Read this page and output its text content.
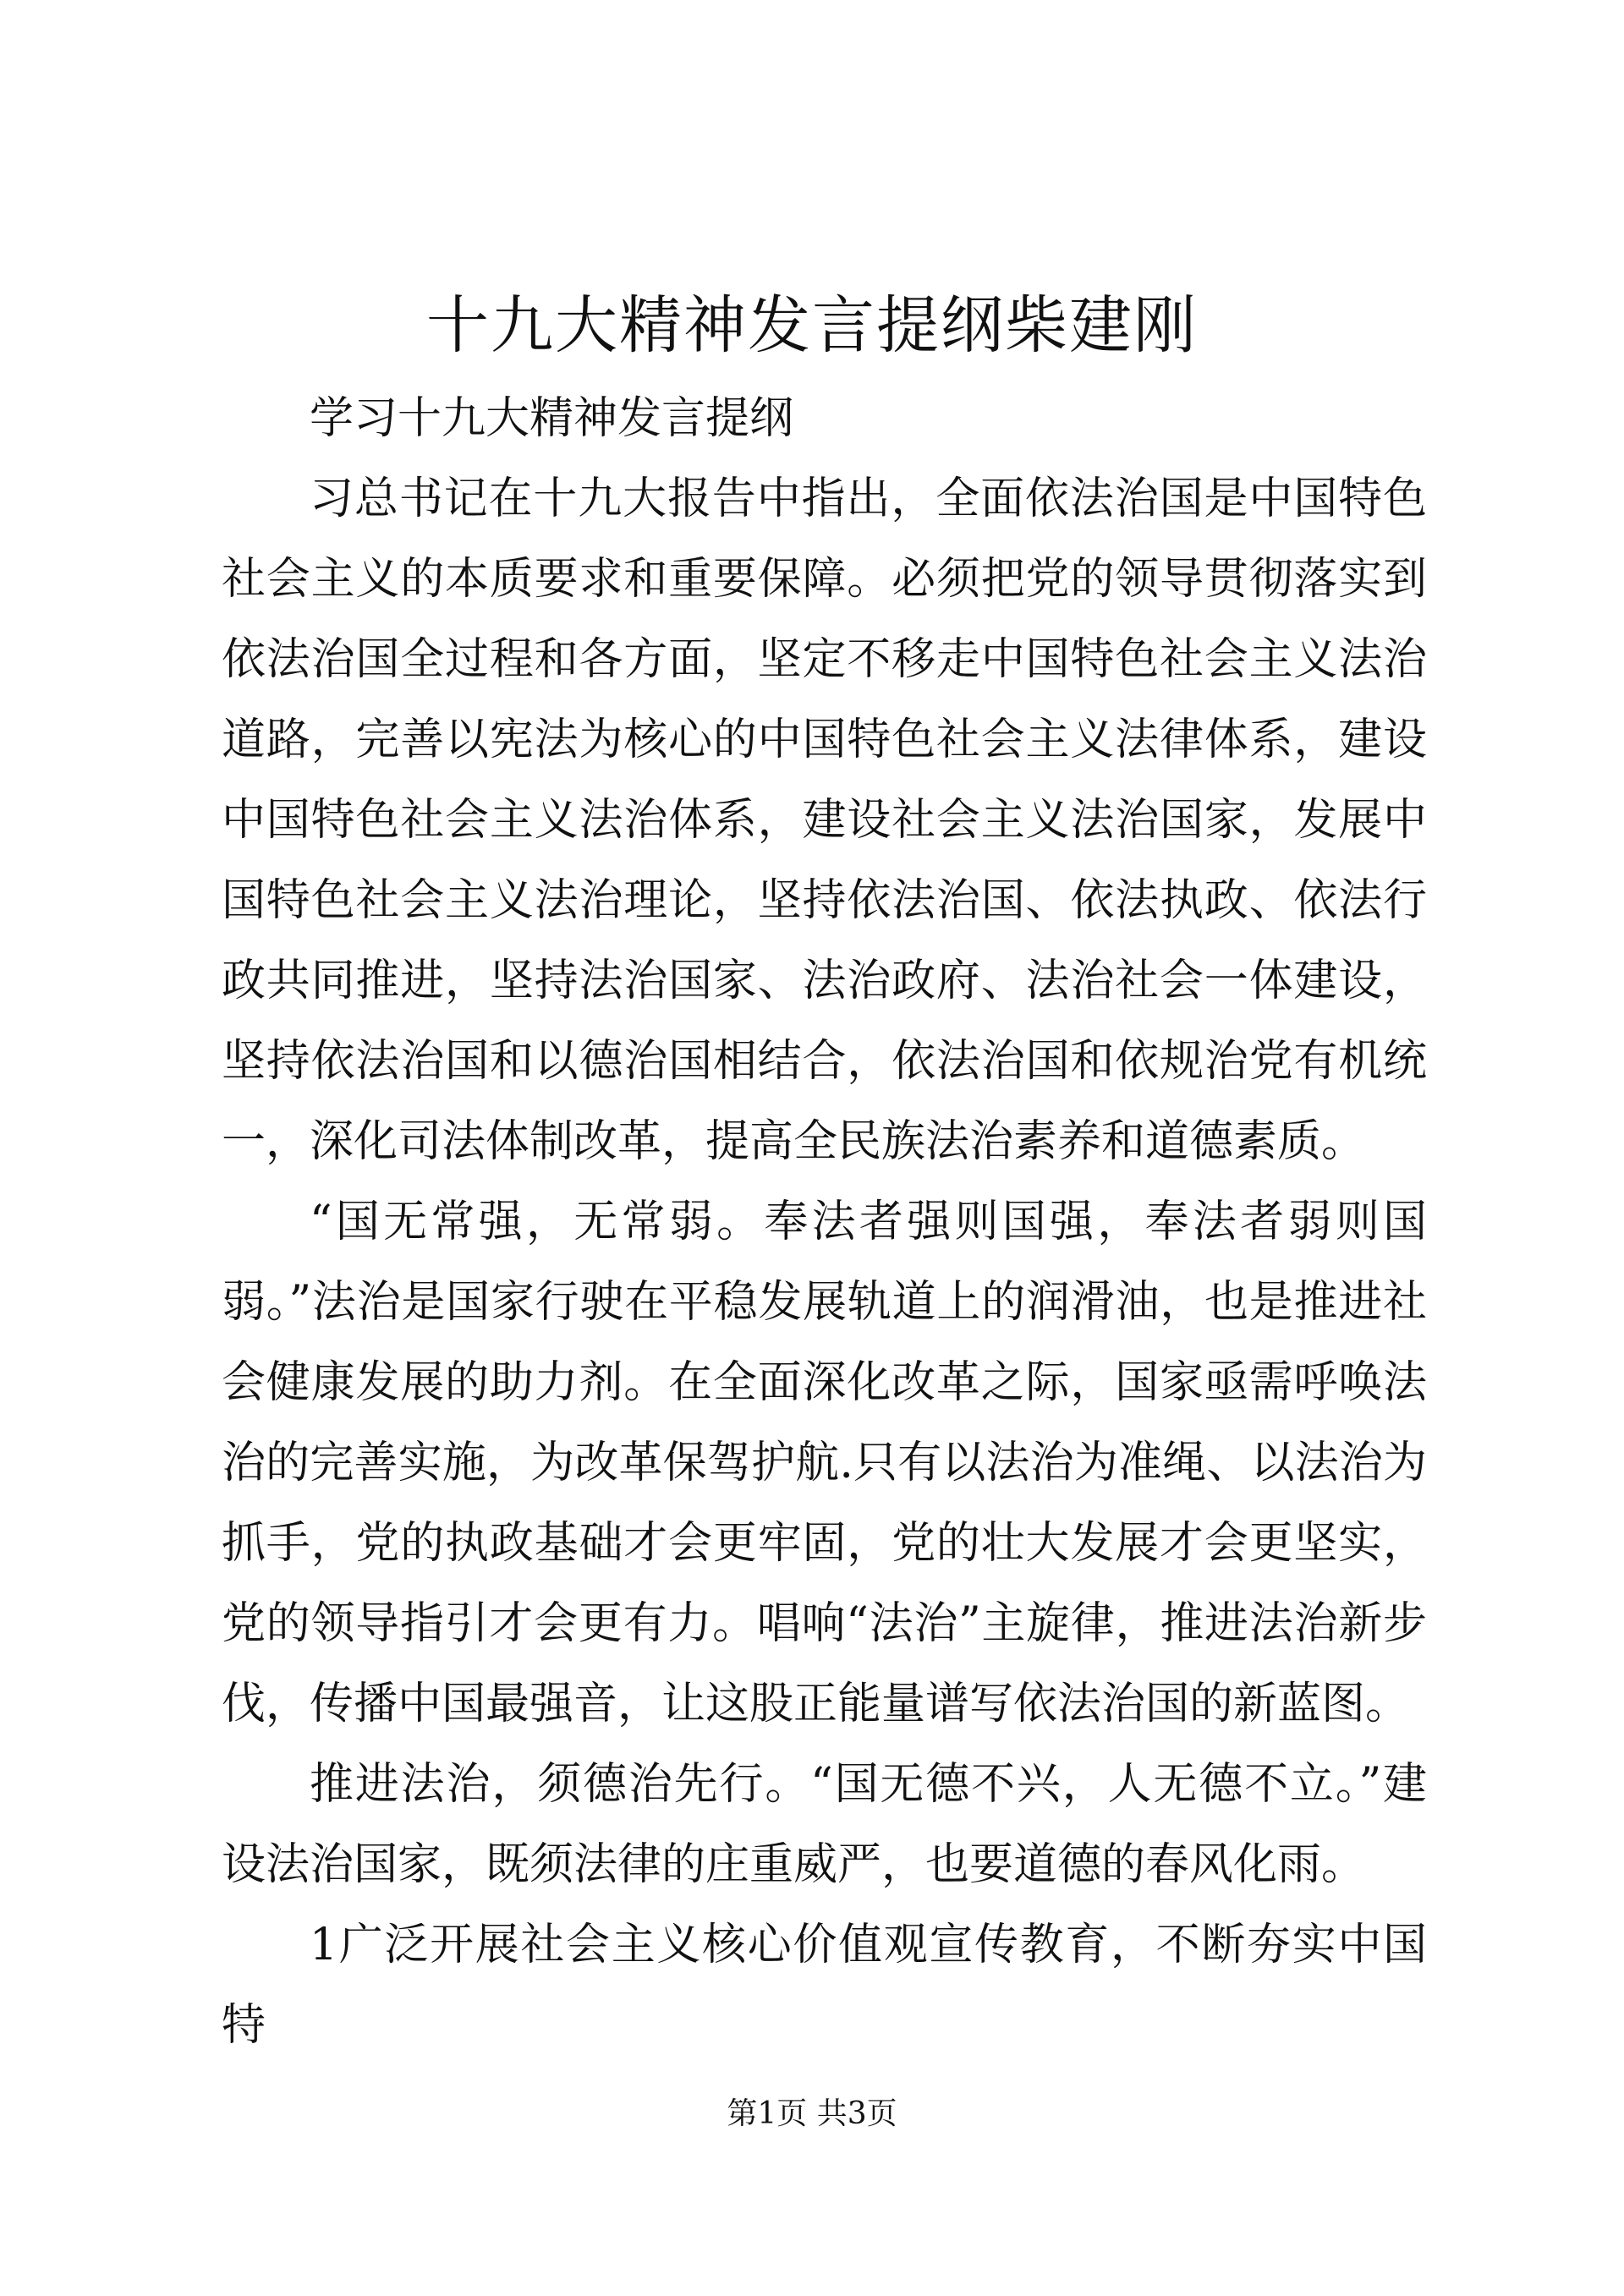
十九大精神发言提纲柴建刚

学习十九大精神发言提纲

习总书记在十九大报告中指出，全面依法治国是中国特色社会主义的本质要求和重要保障。必须把党的领导贯彻落实到依法治国全过程和各方面，坚定不移走中国特色社会主义法治道路，完善以宪法为核心的中国特色社会主义法律体系，建设中国特色社会主义法治体系，建设社会主义法治国家，发展中国特色社会主义法治理论，坚持依法治国、依法执政、依法行政共同推进，坚持法治国家、法治政府、法治社会一体建设，坚持依法治国和以德治国相结合，依法治国和依规治党有机统一，深化司法体制改革，提高全民族法治素养和道德素质。

“国无常强，无常弱。奉法者强则国强，奉法者弱则国弱。”法治是国家行驶在平稳发展轨道上的润滑油，也是推进社会健康发展的助力剂。在全面深化改革之际，国家亟需呼唤法治的完善实施，为改革保驾护航.只有以法治为准绳、以法治为抓手，党的执政基础才会更牢固，党的壮大发展才会更坚实，党的领导指引才会更有力。唱响“法治”主旋律，推进法治新步伐，传播中国最强音，让这股正能量谱写依法治国的新蓝图。

推进法治，须德治先行。“国无德不兴，人无德不立。”建设法治国家，既须法律的庄重威严，也要道德的春风化雨。

1广泛开展社会主义核心价值观宣传教育，不断夯实中国特

第1页 共3页
